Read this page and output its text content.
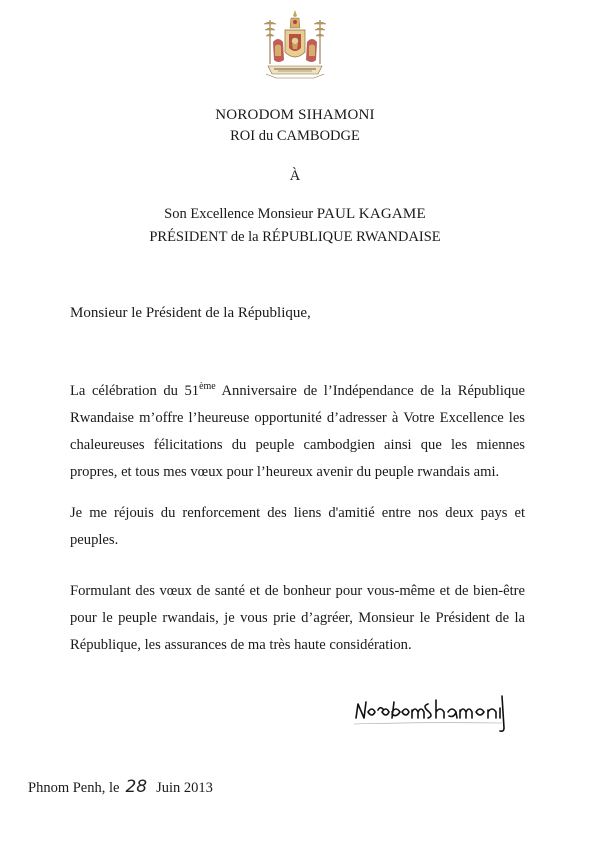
NORODOM SIHAMONI
ROI du CAMBODGE
À
Son Excellence Monsieur PAUL KAGAME
PRÉSIDENT de la RÉPUBLIQUE RWANDAISE
Monsieur le Président de la République,
La célébration du 51ème Anniversaire de l’Indépendance de la République Rwandaise m’offre l’heureuse opportunité d’adresser à Votre Excellence les chaleureuses félicitations du peuple cambodgien ainsi que les miennes propres, et tous mes vœux pour l’heureux avenir du peuple rwandais ami.
Je me réjouis du renforcement des liens d'amitié entre nos deux pays et peuples.
Formulant des vœux de santé et de bonheur pour vous-même et de bien-être pour le peuple rwandais, je vous prie d’agréer, Monsieur le Président de la République, les assurances de ma très haute considération.
Phnom Penh, le 28 Juin 2013
